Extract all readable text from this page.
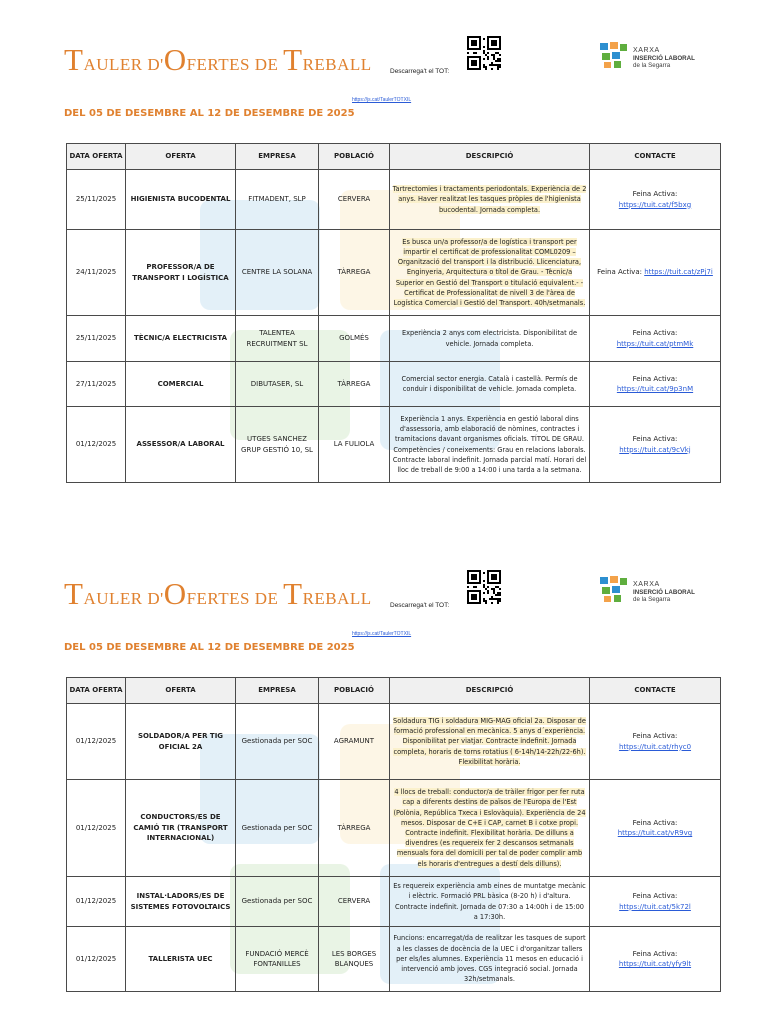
TAULER D'OFERTES DE TREBALL	Descarrega't el TOT:
https://js.cat/TaulerTOTXIL
XARXA
INSERCIÓ LABORAL
de la Segarra
DEL 05 DE DESEMBRE AL 12 DE DESEMBRE DE 2025
DATA OFERTA	OFERTA	EMPRESA	POBLACIÓ	DESCRIPCIÓ	CONTACTE
25/11/2025	HIGIENISTA BUCODENTAL	FITMADENT, SLP	CERVERA	Tartrectomies i tractaments periodontals. Experiència de 2 anys. Haver realitzat les tasques pròpies de l'higienista bucodental. Jornada completa.	Feina Activa:
https://tuit.cat/f5bxg
24/11/2025	PROFESSOR/A DE TRANSPORT I LOGÍSTICA	CENTRE LA SOLANA	TÀRREGA	Es busca un/a professor/a de logística i transport per impartir el certificat de professionalitat COML0209 – Organització del transport i la distribució. Llicenciatura, Enginyeria, Arquitectura o títol de Grau. - Tècnic/a Superior en Gestió del Transport o titulació equivalent.- - Certificat de Professionalitat de nivell 3 de l'àrea de Logística Comercial i Gestió del Transport. 40h/setmanals.	Feina Activa: https://tuit.cat/zPj7i
25/11/2025	TÈCNIC/A ELECTRICISTA	TALENTEA RECRUITMENT SL	GOLMÉS	Experiència 2 anys com electricista. Disponibilitat de vehicle. Jornada completa.	Feina Activa:
https://tuit.cat/ptmMk
27/11/2025	COMERCIAL	DIBUTASER, SL	TÀRREGA	Comercial sector energia. Català i castellà. Permís de conduir i disponibilitat de vehicle. Jornada completa.	Feina Activa:
https://tuit.cat/9p3nM
01/12/2025	ASSESSOR/A LABORAL	UTGES SANCHEZ GRUP GESTIÓ 10, SL	LA FULIOLA	Experiència 1 anys. Experiència en gestió laboral dins d'assessoria, amb elaboració de nòmines, contractes i tramitacions davant organismes oficials. TÍTOL DE GRAU. Competències / coneixements: Grau en relacions laborals. Contracte laboral indefinit. Jornada parcial matí. Horari del lloc de treball de 9:00 a 14:00 i una tarda a la setmana.	Feina Activa:
https://tuit.cat/9cVkj
TAULER D'OFERTES DE TREBALL	Descarrega't el TOT:
https://js.cat/TaulerTOTXIL
XARXA
INSERCIÓ LABORAL
de la Segarra
DEL 05 DE DESEMBRE AL 12 DE DESEMBRE DE 2025
DATA OFERTA	OFERTA	EMPRESA	POBLACIÓ	DESCRIPCIÓ	CONTACTE
01/12/2025	SOLDADOR/A PER TIG OFICIAL 2A	Gestionada per SOC	AGRAMUNT	Soldadura TIG i soldadura MIG-MAG oficial 2a. Disposar de formació professional en mecànica. 5 anys d´experiència. Disponibilitat per viatjar. Contracte indefinit. Jornada completa, horaris de torns rotatius ( 6-14h/14-22h/22-6h). Flexibilitat horària.	Feina Activa:
https://tuit.cat/rhyc0
01/12/2025	CONDUCTORS/ES DE CAMIÓ TIR (TRANSPORT INTERNACIONAL)	Gestionada per SOC	TÀRREGA	4 llocs de treball: conductor/a de tràiler frigor per fer ruta cap a diferents destins de països de l'Europa de l'Est (Polònia, República Txeca i Eslovàquia). Experiència de 24 mesos. Disposar de C+E i CAP, carnet B i cotxe propi. Contracte indefinit. Flexibilitat horària. De dilluns a divendres (es requereix fer 2 descansos setmanals mensuals fora del domicili per tal de poder complir amb els horaris d'entregues a destí dels dilluns).	Feina Activa:
https://tuit.cat/vR9vg
01/12/2025	INSTAL·LADORS/ES DE SISTEMES FOTOVOLTAICS	Gestionada per SOC	CERVERA	Es requereix experiència amb eines de muntatge mecànic i elèctric. Formació PRL bàsica (8-20 h) i d'altura. Contracte indefinit. Jornada de 07:30 a 14:00h i de 15:00 a 17:30h.	Feina Activa:
https://tuit.cat/5k72l
01/12/2025	TALLERISTA UEC	FUNDACIÓ MERCÈ FONTANILLES	LES BORGES BLANQUES	Funcions: encarregat/da de realitzar les tasques de suport a les classes de docència de la UEC i d'organitzar tallers per els/les alumnes. Experiència 11 mesos en educació i intervenció amb joves. CGS integració social. Jornada 32h/setmanals.	Feina Activa:
https://tuit.cat/yfy9lt
